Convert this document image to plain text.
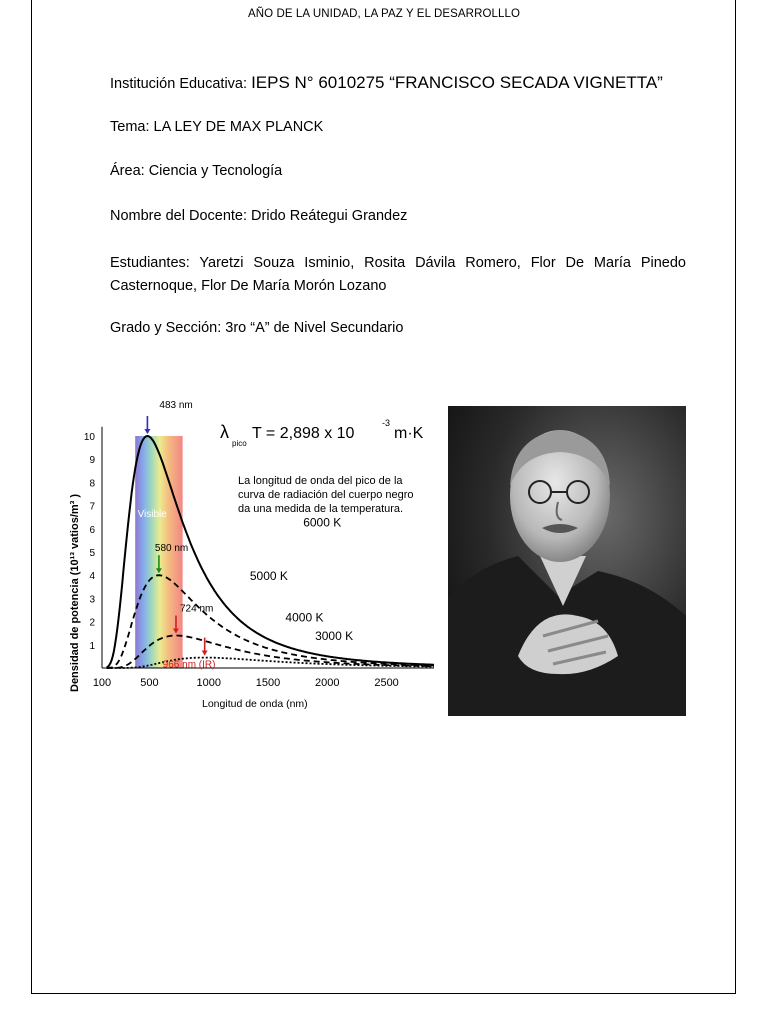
AÑO DE LA UNIDAD, LA PAZ Y EL DESARROLLLO
Institución Educativa: IEPS N° 6010275 “FRANCISCO SECADA VIGNETTA”
Tema: LA LEY DE MAX PLANCK
Área: Ciencia y Tecnología
Nombre del Docente: Drido Reátegui Grandez
Estudiantes: Yaretzi Souza Isminio, Rosita Dávila Romero, Flor De María Pinedo Casternoque, Flor De María Morón Lozano
Grado y Sección: 3ro “A” de Nivel Secundario
100	500	1000	1500	2000	2500
1
2
3
4
5
6
7
8
9
10
6000 K
483 nm
5000 K
580 nm
4000 K
724 nm
3000 K
966 nm (IR)
Visible
Densidad de potencia (10¹³ vatios/m³ )
Longitud de onda (nm)
λ
pico
T = 2,898 x 10
-3
m·K
La longitud de onda del pico de la
curva de radiación del cuerpo negro
da una medida de la temperatura.
